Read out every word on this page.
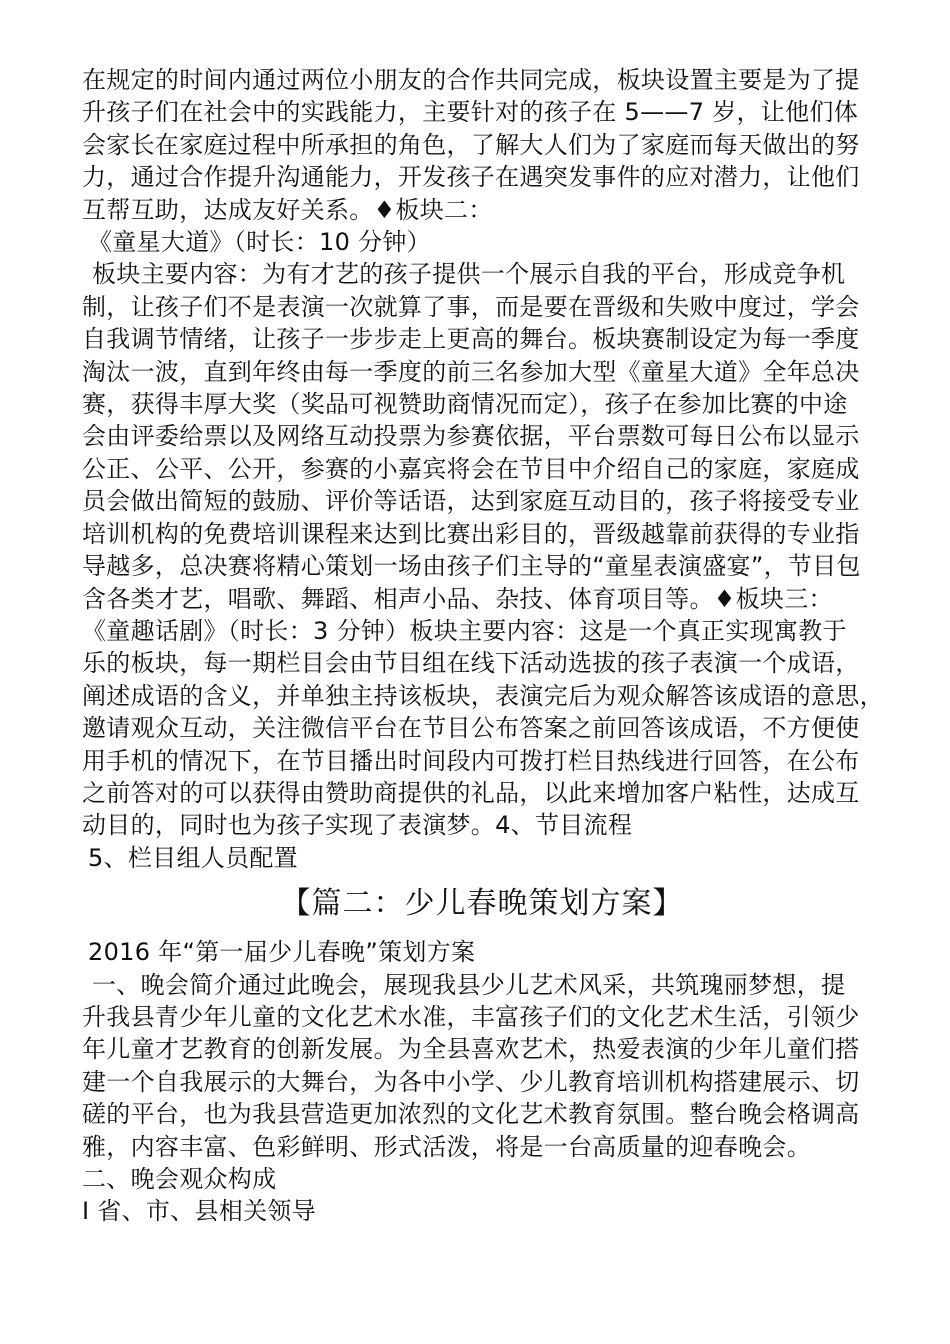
在规定的时间内通过两位小朋友的合作共同完成，板块设置主要是为了提
升孩子们在社会中的实践能力，主要针对的孩子在 5——7 岁，让他们体
会家长在家庭过程中所承担的角色，了解大人们为了家庭而每天做出的努
力，通过合作提升沟通能力，开发孩子在遇突发事件的应对潜力，让他们
互帮互助，达成友好关系。♦板块二：
《童星大道》（时长：10 分钟）
板块主要内容：为有才艺的孩子提供一个展示自我的平台，形成竞争机
制，让孩子们不是表演一次就算了事，而是要在晋级和失败中度过，学会
自我调节情绪，让孩子一步步走上更高的舞台。板块赛制设定为每一季度
淘汰一波，直到年终由每一季度的前三名参加大型《童星大道》全年总决
赛，获得丰厚大奖（奖品可视赞助商情况而定），孩子在参加比赛的中途
会由评委给票以及网络互动投票为参赛依据，平台票数可每日公布以显示
公正、公平、公开，参赛的小嘉宾将会在节目中介绍自己的家庭，家庭成
员会做出简短的鼓励、评价等话语，达到家庭互动目的，孩子将接受专业
培训机构的免费培训课程来达到比赛出彩目的，晋级越靠前获得的专业指
导越多，总决赛将精心策划一场由孩子们主导的“童星表演盛宴”，节目包
含各类才艺，唱歌、舞蹈、相声小品、杂技、体育项目等。♦板块三：
《童趣话剧》（时长：3 分钟）板块主要内容：这是一个真正实现寓教于
乐的板块，每一期栏目会由节目组在线下活动选拔的孩子表演一个成语，
阐述成语的含义，并单独主持该板块，表演完后为观众解答该成语的意思，
邀请观众互动，关注微信平台在节目公布答案之前回答该成语，不方便使
用手机的情况下，在节目播出时间段内可拨打栏目热线进行回答，在公布
之前答对的可以获得由赞助商提供的礼品，以此来增加客户粘性，达成互
动目的，同时也为孩子实现了表演梦。4、节目流程
5、栏目组人员配置
【篇二：少儿春晚策划方案】
2016 年“第一届少儿春晚”策划方案
一、晚会简介通过此晚会，展现我县少儿艺术风采，共筑瑰丽梦想，提
升我县青少年儿童的文化艺术水准，丰富孩子们的文化艺术生活，引领少
年儿童才艺教育的创新发展。为全县喜欢艺术，热爱表演的少年儿童们搭
建一个自我展示的大舞台，为各中小学、少儿教育培训机构搭建展示、切
磋的平台，也为我县营造更加浓烈的文化艺术教育氛围。整台晚会格调高
雅，内容丰富、色彩鲜明、形式活泼，将是一台高质量的迎春晚会。
二、晚会观众构成
I 省、市、县相关领导
